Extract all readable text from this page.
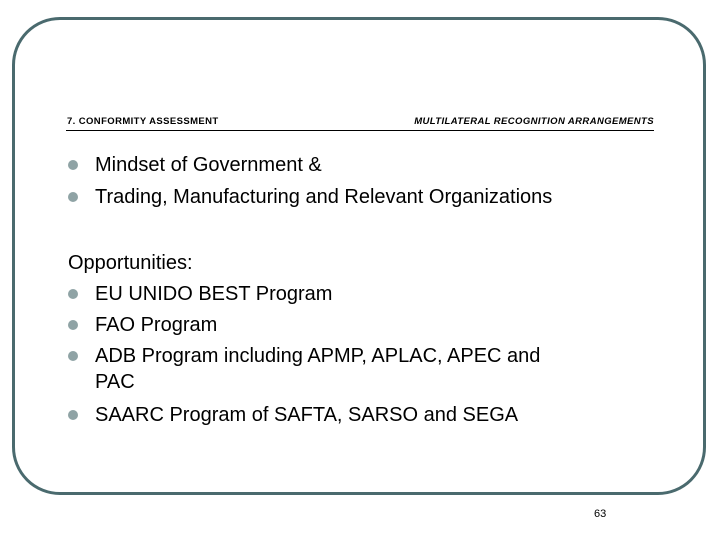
7. CONFORMITY ASSESSMENT	MULTILATERAL RECOGNITION ARRANGEMENTS
Mindset of Government &
Trading, Manufacturing and Relevant Organizations
Opportunities:
EU UNIDO BEST Program
FAO Program
ADB Program including APMP, APLAC, APEC and
PAC
SAARC Program of SAFTA, SARSO and SEGA
63
